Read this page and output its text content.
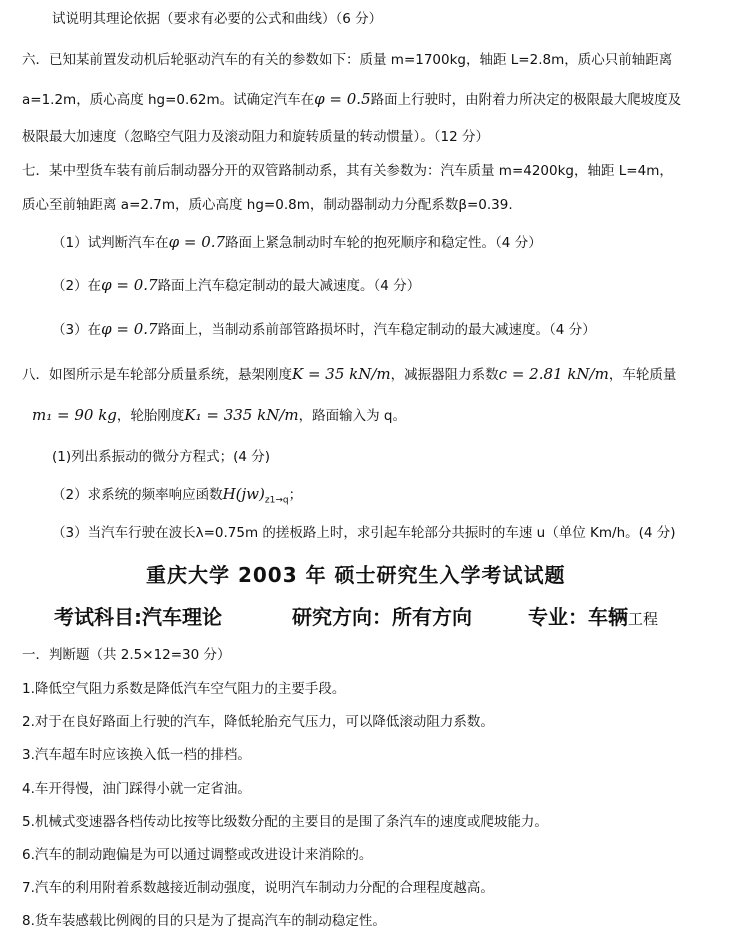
试说明其理论依据（要求有必要的公式和曲线）（6 分）
六．已知某前置发动机后轮驱动汽车的有关的参数如下：质量 m=1700kg，轴距 L=2.8m，质心只前轴距离
a=1.2m，质心高度 hg=0.62m。试确定汽车在φ = 0.5路面上行驶时，由附着力所决定的极限最大爬坡度及
极限最大加速度（忽略空气阻力及滚动阻力和旋转质量的转动惯量）。（12 分）
七．某中型货车装有前后制动器分开的双管路制动系，其有关参数为：汽车质量 m=4200kg，轴距 L=4m，
质心至前轴距离 a=2.7m，质心高度 hg=0.8m，制动器制动力分配系数β=0.39.
（1）试判断汽车在φ = 0.7路面上紧急制动时车轮的抱死顺序和稳定性。（4 分）
（2）在φ = 0.7路面上汽车稳定制动的最大减速度。（4 分）
（3）在φ = 0.7路面上，当制动系前部管路损坏时，汽车稳定制动的最大减速度。（4 分）
八．如图所示是车轮部分质量系统，悬架刚度K = 35 kN/m，减振器阻力系数c = 2.81 kN/m，车轮质量
m₁ = 90 kg，轮胎刚度K₁ = 335 kN/m，路面输入为 q。
(1)列出系振动的微分方程式；(4 分)
（2）求系统的频率响应函数$H(jw)_{z1\to q}$；
（3）当汽车行驶在波长λ=0.75m 的搓板路上时，求引起车轮部分共振时的车速 u（单位 Km/h。(4 分)
重庆大学 2003 年 硕士研究生入学考试试题
考试科目:汽车理论	研究方向：所有方向	专业：车辆工程
一．判断题（共 2.5×12=30 分）
1.降低空气阻力系数是降低汽车空气阻力的主要手段。
2.对于在良好路面上行驶的汽车，降低轮胎充气压力，可以降低滚动阻力系数。
3.汽车超车时应该换入低一档的排档。
4.车开得慢，油门踩得小就一定省油。
5.机械式变速器各档传动比按等比级数分配的主要目的是围了条汽车的速度或爬坡能力。
6.汽车的制动跑偏是为可以通过调整或改进设计来消除的。
7.汽车的利用附着系数越接近制动强度，说明汽车制动力分配的合理程度越高。
8.货车装感载比例阀的目的只是为了提高汽车的制动稳定性。
